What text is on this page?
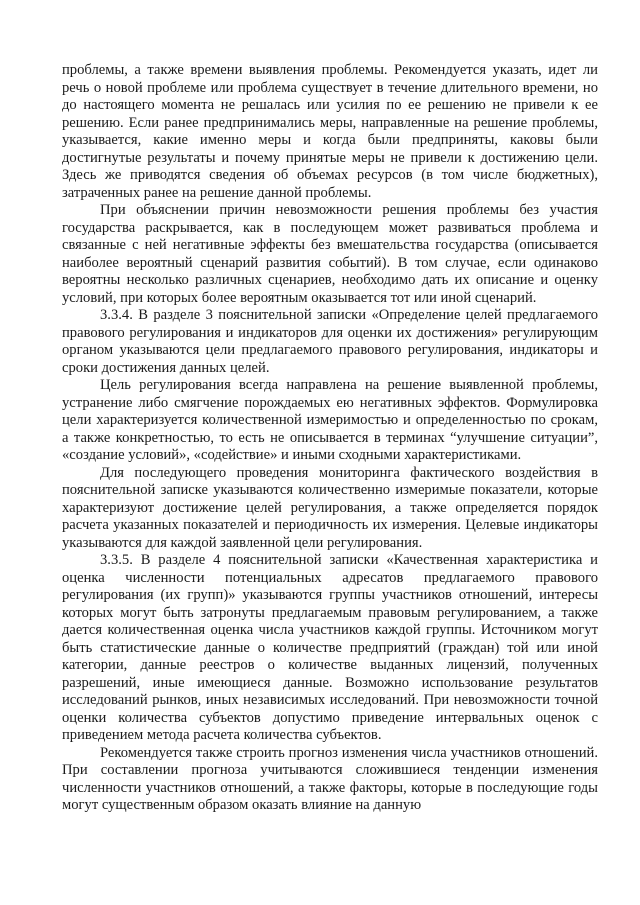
проблемы, а также времени выявления проблемы. Рекомендуется указать, идет ли речь о новой проблеме или проблема существует в течение длительного времени, но до настоящего момента не решалась или усилия по ее решению не привели к ее решению. Если ранее предпринимались меры, направленные на решение проблемы, указывается, какие именно меры и когда были предприняты, каковы были достигнутые результаты и почему принятые меры не привели к достижению цели. Здесь же приводятся сведения об объемах ресурсов (в том числе бюджетных), затраченных ранее на решение данной проблемы.

При объяснении причин невозможности решения проблемы без участия государства раскрывается, как в последующем может развиваться проблема и связанные с ней негативные эффекты без вмешательства государства (описывается наиболее вероятный сценарий развития событий). В том случае, если одинаково вероятны несколько различных сценариев, необходимо дать их описание и оценку условий, при которых более вероятным оказывается тот или иной сценарий.

3.3.4. В разделе 3 пояснительной записки «Определение целей предлагаемого правового регулирования и индикаторов для оценки их достижения» регулирующим органом указываются цели предлагаемого правового регулирования, индикаторы и сроки достижения данных целей.

Цель регулирования всегда направлена на решение выявленной проблемы, устранение либо смягчение порождаемых ею негативных эффектов. Формулировка цели характеризуется количественной измеримостью и определенностью по срокам, а также конкретностью, то есть не описывается в терминах “улучшение ситуации”, «создание условий», «содействие» и иными сходными характеристиками.

Для последующего проведения мониторинга фактического воздействия в пояснительной записке указываются количественно измеримые показатели, которые характеризуют достижение целей регулирования, а также определяется порядок расчета указанных показателей и периодичность их измерения. Целевые индикаторы указываются для каждой заявленной цели регулирования.

3.3.5. В разделе 4 пояснительной записки «Качественная характеристика и оценка численности потенциальных адресатов предлагаемого правового регулирования (их групп)» указываются группы участников отношений, интересы которых могут быть затронуты предлагаемым правовым регулированием, а также дается количественная оценка числа участников каждой группы. Источником могут быть статистические данные о количестве предприятий (граждан) той или иной категории, данные реестров о количестве выданных лицензий, полученных разрешений, иные имеющиеся данные. Возможно использование результатов исследований рынков, иных независимых исследований. При невозможности точной оценки количества субъектов допустимо приведение интервальных оценок с приведением метода расчета количества субъектов.

Рекомендуется также строить прогноз изменения числа участников отношений. При составлении прогноза учитываются сложившиеся тенденции изменения численности участников отношений, а также факторы, которые в последующие годы могут существенным образом оказать влияние на данную
